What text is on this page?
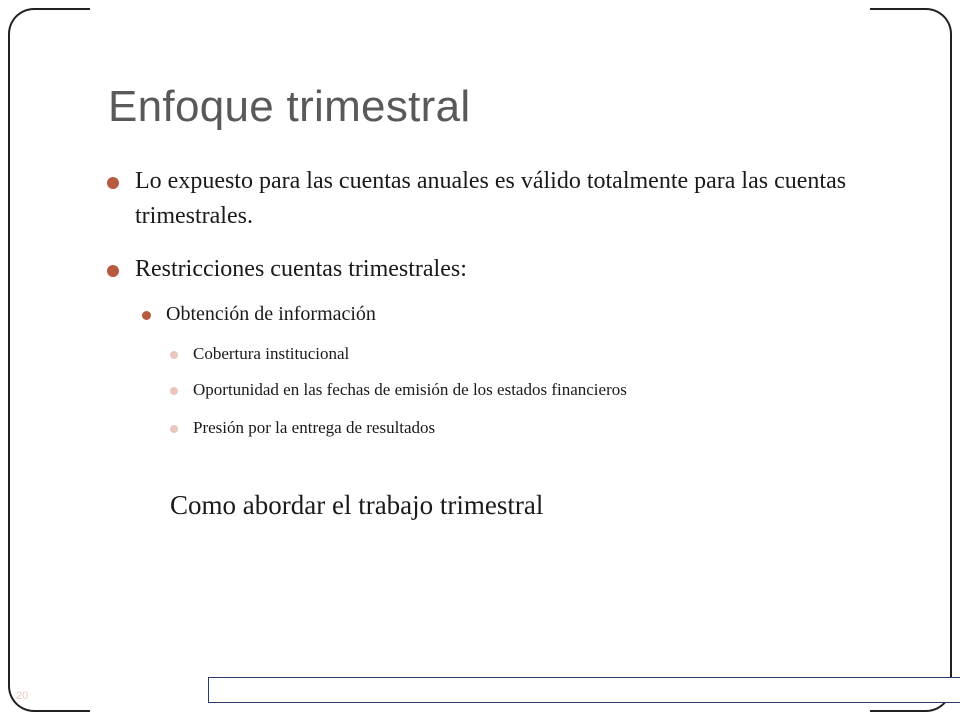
Enfoque trimestral
Lo expuesto para las cuentas anuales es válido totalmente para las cuentas trimestrales.
Restricciones cuentas trimestrales:
Obtención de información
Cobertura institucional
Oportunidad en las fechas de emisión de los estados financieros
Presión por la entrega de resultados
Como abordar el trabajo trimestral
20
